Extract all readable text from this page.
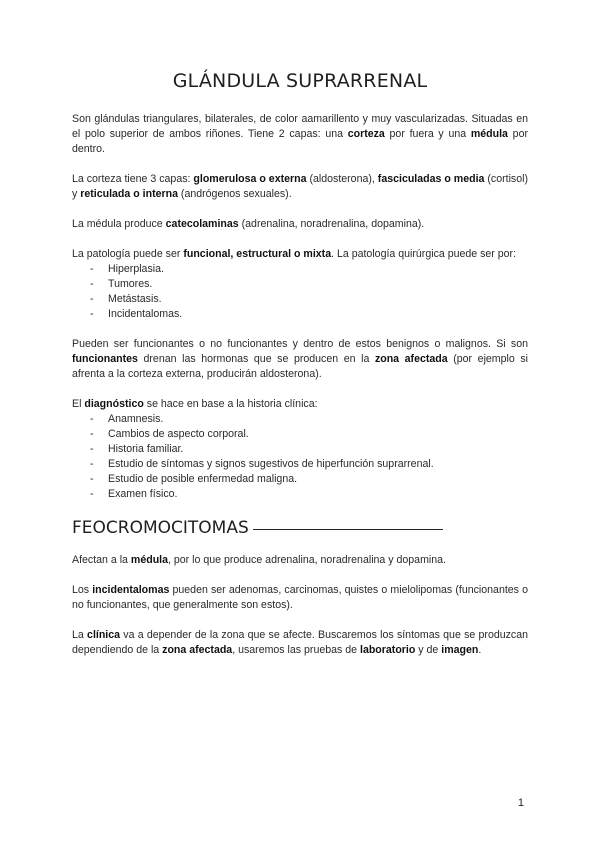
GLÁNDULA SUPRARRENAL

Son glándulas triangulares, bilaterales, de color aamarillento y muy vascularizadas. Situadas en el polo superior de ambos riñones. Tiene 2 capas: una corteza por fuera y una médula por dentro.

La corteza tiene 3 capas: glomerulosa o externa (aldosterona), fasciculadas o media (cortisol) y reticulada o interna (andrógenos sexuales).

La médula produce catecolaminas (adrenalina, noradrenalina, dopamina).

La patología puede ser funcional, estructural o mixta. La patología quirúrgica puede ser por:

- Hiperplasia.
- Tumores.
- Metástasis.
- Incidentalomas.

Pueden ser funcionantes o no funcionantes y dentro de estos benignos o malignos. Si son funcionantes drenan las hormonas que se producen en la zona afectada (por ejemplo si afrenta a la corteza externa, producirán aldosterona).

El diagnóstico se hace en base a la historia clínica:

- Anamnesis.
- Cambios de aspecto corporal.
- Historia familiar.
- Estudio de síntomas y signos sugestivos de hiperfunción suprarrenal.
- Estudio de posible enfermedad maligna.
- Examen físico.
FEOCROMOCITOMAS

Afectan a la médula, por lo que produce adrenalina, noradrenalina y dopamina.

Los incidentalomas pueden ser adenomas, carcinomas, quistes o mielolipomas (funcionantes o no funcionantes, que generalmente son estos).

La clínica va a depender de la zona que se afecte. Buscaremos los síntomas que se produzcan dependiendo de la zona afectada, usaremos las pruebas de laboratorio y de imagen.

1
